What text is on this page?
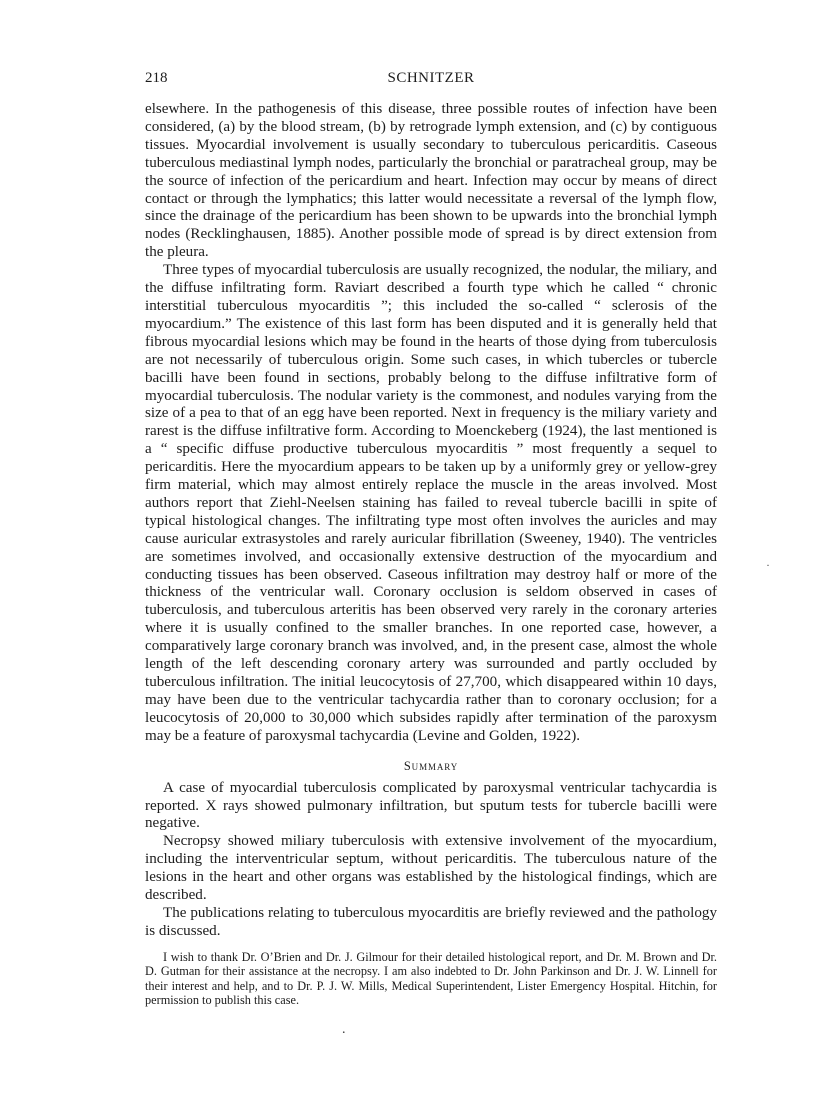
218	SCHNITZER

elsewhere. In the pathogenesis of this disease, three possible routes of infection have been considered, (a) by the blood stream, (b) by retrograde lymph extension, and (c) by contiguous tissues. Myocardial involvement is usually secondary to tuberculous pericarditis. Caseous tuberculous mediastinal lymph nodes, particularly the bronchial or paratracheal group, may be the source of infection of the pericardium and heart. Infection may occur by means of direct contact or through the lymphatics; this latter would necessitate a reversal of the lymph flow, since the drainage of the pericardium has been shown to be upwards into the bronchial lymph nodes (Recklinghausen, 1885). Another possible mode of spread is by direct extension from the pleura.

Three types of myocardial tuberculosis are usually recognized, the nodular, the miliary, and the diffuse infiltrating form. Raviart described a fourth type which he called “ chronic interstitial tuberculous myocarditis ”; this included the so-called “ sclerosis of the myocardium.” The existence of this last form has been disputed and it is generally held that fibrous myocardial lesions which may be found in the hearts of those dying from tuberculosis are not necessarily of tuberculous origin. Some such cases, in which tubercles or tubercle bacilli have been found in sections, probably belong to the diffuse infiltrative form of myocardial tuberculosis. The nodular variety is the commonest, and nodules varying from the size of a pea to that of an egg have been reported. Next in frequency is the miliary variety and rarest is the diffuse infiltrative form. According to Moenckeberg (1924), the last mentioned is a “ specific diffuse productive tuberculous myocarditis ” most frequently a sequel to pericarditis. Here the myocardium appears to be taken up by a uniformly grey or yellow-grey firm material, which may almost entirely replace the muscle in the areas involved. Most authors report that Ziehl-Neelsen staining has failed to reveal tubercle bacilli in spite of typical histological changes. The infiltrating type most often involves the auricles and may cause auricular extrasystoles and rarely auricular fibrillation (Sweeney, 1940). The ventricles are sometimes involved, and occasionally extensive destruction of the myocardium and conducting tissues has been observed. Caseous infiltration may destroy half or more of the thickness of the ventricular wall. Coronary occlusion is seldom observed in cases of tuberculosis, and tuberculous arteritis has been observed very rarely in the coronary arteries where it is usually confined to the smaller branches. In one reported case, however, a comparatively large coronary branch was involved, and, in the present case, almost the whole length of the left descending coronary artery was surrounded and partly occluded by tuberculous infiltration. The initial leucocytosis of 27,700, which disappeared within 10 days, may have been due to the ventricular tachycardia rather than to coronary occlusion; for a leucocytosis of 20,000 to 30,000 which subsides rapidly after termination of the paroxysm may be a feature of paroxysmal tachycardia (Levine and Golden, 1922).

Summary

A case of myocardial tuberculosis complicated by paroxysmal ventricular tachycardia is reported. X rays showed pulmonary infiltration, but sputum tests for tubercle bacilli were negative.

Necropsy showed miliary tuberculosis with extensive involvement of the myocardium, including the interventricular septum, without pericarditis. The tuberculous nature of the lesions in the heart and other organs was established by the histological findings, which are described.

The publications relating to tuberculous myocarditis are briefly reviewed and the pathology is discussed.

I wish to thank Dr. O’Brien and Dr. J. Gilmour for their detailed histological report, and Dr. M. Brown and Dr. D. Gutman for their assistance at the necropsy. I am also indebted to Dr. John Parkinson and Dr. J. W. Linnell for their interest and help, and to Dr. P. J. W. Mills, Medical Superintendent, Lister Emergency Hospital. Hitchin, for permission to publish this case.

·
.
